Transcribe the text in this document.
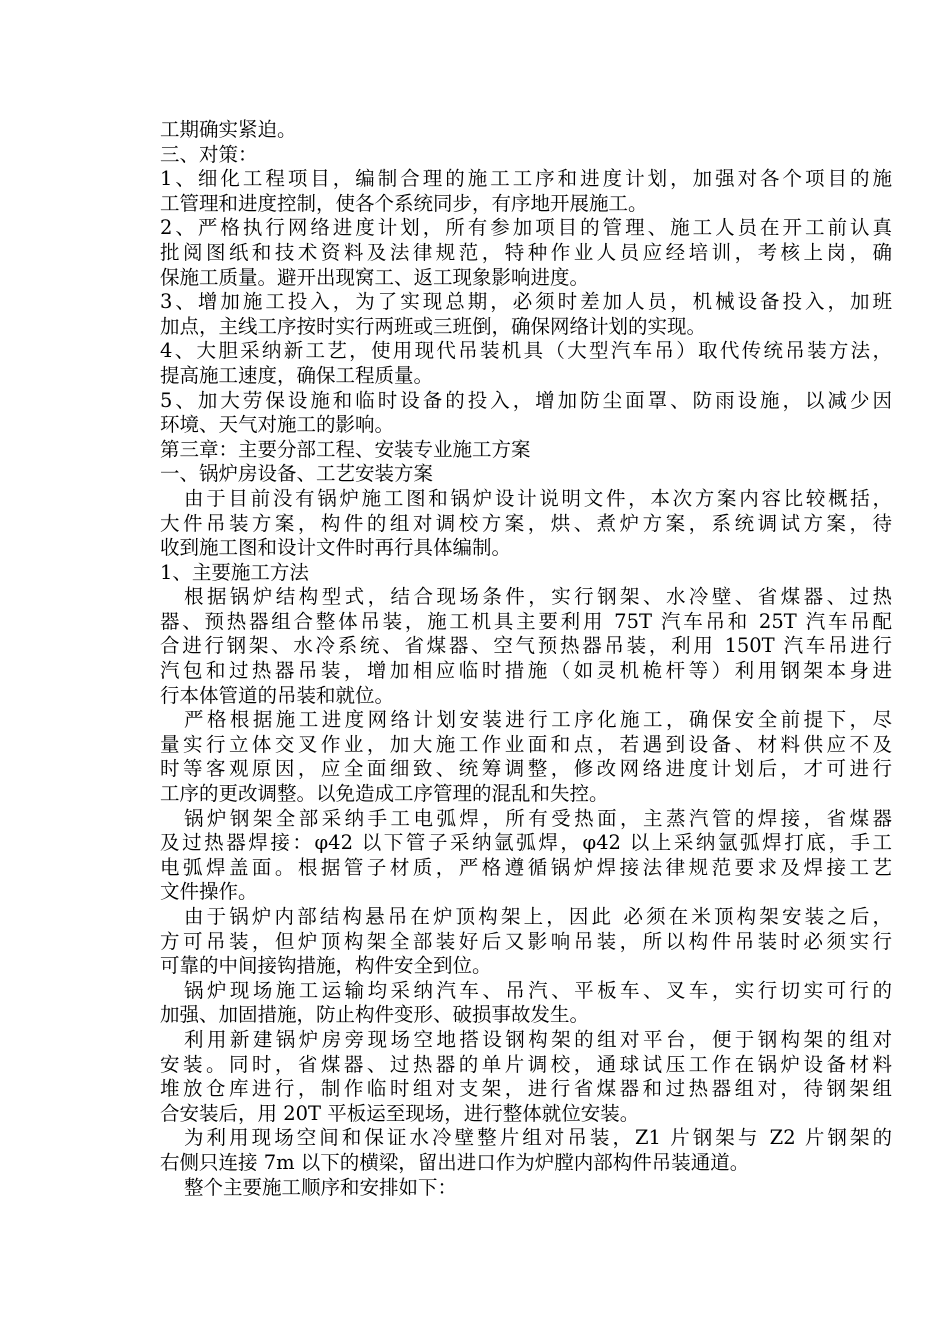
工期确实紧迫。
三、对策：
1、细化工程项目，编制合理的施工工序和进度计划，加强对各个项目的施
工管理和进度控制，使各个系统同步，有序地开展施工。
2、严格执行网络进度计划，所有参加项目的管理、施工人员在开工前认真
批阅图纸和技术资料及法律规范，特种作业人员应经培训，考核上岗，确
保施工质量。避开出现窝工、返工现象影响进度。
3、增加施工投入，为了实现总期，必须时差加人员，机械设备投入，加班
加点，主线工序按时实行两班或三班倒，确保网络计划的实现。
4、大胆采纳新工艺，使用现代吊装机具（大型汽车吊）取代传统吊装方法，
提高施工速度，确保工程质量。
5、加大劳保设施和临时设备的投入，增加防尘面罩、防雨设施，以减少因
环境、天气对施工的影响。
第三章：主要分部工程、安装专业施工方案
一、锅炉房设备、工艺安装方案
由于目前没有锅炉施工图和锅炉设计说明文件，本次方案内容比较概括，
大件吊装方案，构件的组对调校方案，烘、煮炉方案，系统调试方案，待
收到施工图和设计文件时再行具体编制。
1、主要施工方法
根据锅炉结构型式，结合现场条件，实行钢架、水冷壁、省煤器、过热
器、预热器组合整体吊装，施工机具主要利用 75T 汽车吊和 25T 汽车吊配
合进行钢架、水冷系统、省煤器、空气预热器吊装，利用 150T 汽车吊进行
汽包和过热器吊装，增加相应临时措施（如灵机桅杆等）利用钢架本身进
行本体管道的吊装和就位。
严格根据施工进度网络计划安装进行工序化施工，确保安全前提下，尽
量实行立体交叉作业，加大施工作业面和点，若遇到设备、材料供应不及
时等客观原因，应全面细致、统筹调整，修改网络进度计划后，才可进行
工序的更改调整。以免造成工序管理的混乱和失控。
锅炉钢架全部采纳手工电弧焊，所有受热面，主蒸汽管的焊接，省煤器
及过热器焊接：φ42 以下管子采纳氩弧焊，φ42 以上采纳氩弧焊打底，手工
电弧焊盖面。根据管子材质，严格遵循锅炉焊接法律规范要求及焊接工艺
文件操作。
由于锅炉内部结构悬吊在炉顶构架上，因此 必须在米顶构架安装之后，
方可吊装，但炉顶构架全部装好后又影响吊装，所以构件吊装时必须实行
可靠的中间接钩措施，构件安全到位。
锅炉现场施工运输均采纳汽车、吊汽、平板车、叉车，实行切实可行的
加强、加固措施，防止构件变形、破损事故发生。
利用新建锅炉房旁现场空地搭设钢构架的组对平台，便于钢构架的组对
安装。同时，省煤器、过热器的单片调校，通球试压工作在锅炉设备材料
堆放仓库进行，制作临时组对支架，进行省煤器和过热器组对，待钢架组
合安装后，用 20T 平板运至现场，进行整体就位安装。
为利用现场空间和保证水冷壁整片组对吊装，Z1 片钢架与 Z2 片钢架的
右侧只连接 7m 以下的横梁，留出进口作为炉膛内部构件吊装通道。
整个主要施工顺序和安排如下：
